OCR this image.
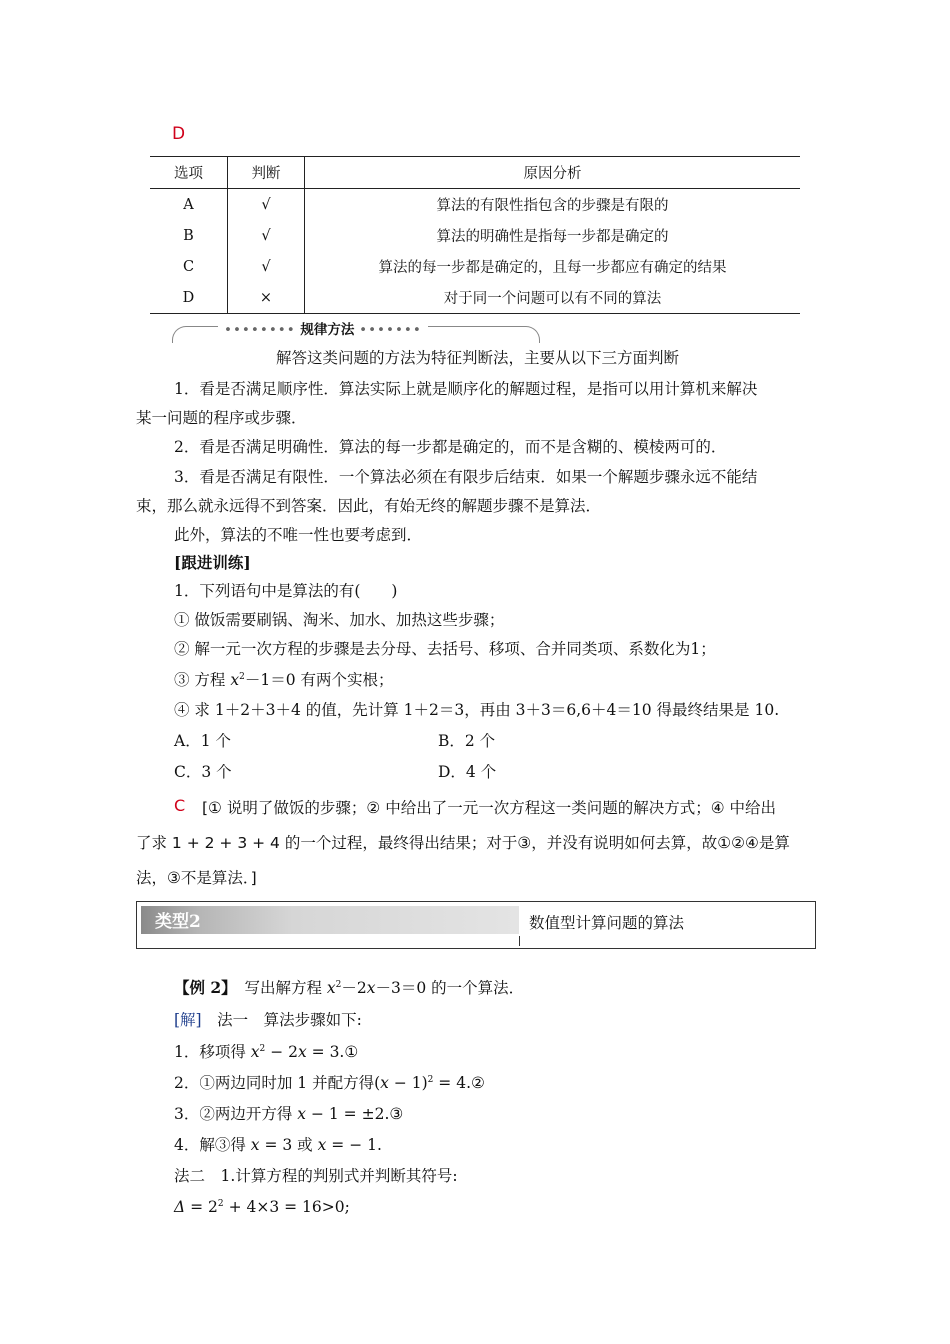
D
选项	判断	原因分析
A	√	算法的有限性指包含的步骤是有限的
B	√	算法的明确性是指每一步都是确定的
C	√	算法的每一步都是确定的，且每一步都应有确定的结果
D	×	对于同一个问题可以有不同的算法
•••••••• 规律方法 •••••••
解答这类问题的方法为特征判断法，主要从以下三方面判断
1．看是否满足顺序性．算法实际上就是顺序化的解题过程，是指可以用计算机来解决
某一问题的程序或步骤．
2．看是否满足明确性．算法的每一步都是确定的，而不是含糊的、模棱两可的．
3．看是否满足有限性．一个算法必须在有限步后结束．如果一个解题步骤永远不能结
束，那么就永远得不到答案．因此，有始无终的解题步骤不是算法．
此外，算法的不唯一性也要考虑到．
[跟进训练]
1．下列语句中是算法的有(　　)
① 做饭需要刷锅、淘米、加水、加热这些步骤；
② 解一元一次方程的步骤是去分母、去括号、移项、合并同类项、系数化为1；
③ 方程 $x^2-1=0$ 有两个实根；
④ 求 1＋2＋3＋4 的值，先计算 1＋2＝3，再由 3＋3＝6,6＋4＝10 得最终结果是 10.
A．1 个	B．2 个
C．3 个	D．4 个
C [① 说明了做饭的步骤；② 中给出了一元一次方程这一类问题的解决方式；④ 中给出
了求 1 + 2 + 3 + 4 的一个过程，最终得出结果；对于③，并没有说明如何去算，故①②④是算
法，③不是算法．]
类型2	数值型计算问题的算法
【例 2】　 写出解方程 $x^2-2x-3=0$ 的一个算法．
[解]　 法一　算法步骤如下:
1．移项得 $x^2 - 2x$ = 3.①
2．①两边同时加 1 并配方得$(x - 1)^2$ = 4.②
3．②两边开方得 x − 1 = ±2.③
4．解③得 x = 3 或 x = − 1.
法二　 1.计算方程的判别式并判断其符号:
$\Delta = 2^2 + 4\times 3 = 16>0$;
